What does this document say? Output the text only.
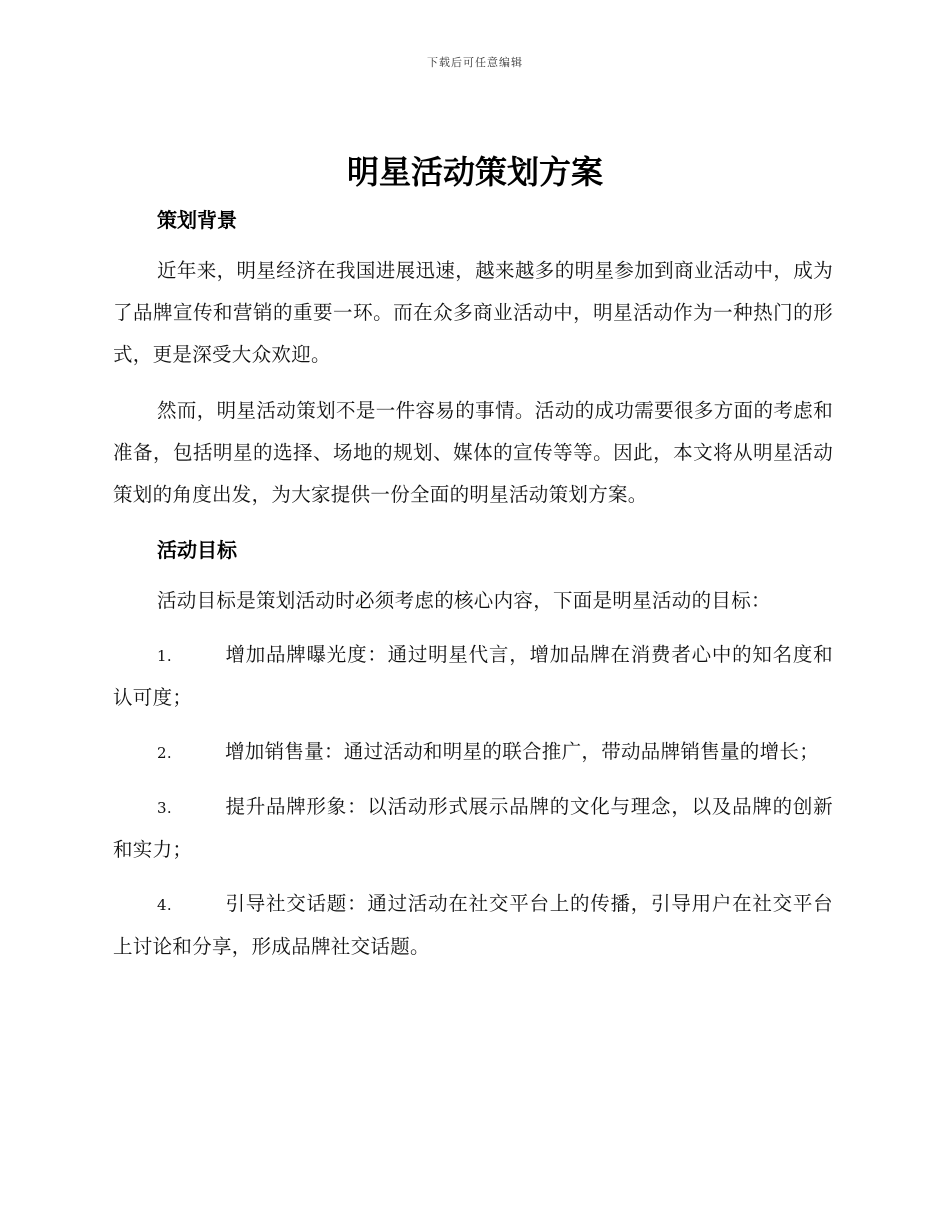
下载后可任意编辑
明星活动策划方案
策划背景

近年来，明星经济在我国进展迅速，越来越多的明星参加到商业活动中，成为了品牌宣传和营销的重要一环。而在众多商业活动中，明星活动作为一种热门的形式，更是深受大众欢迎。

然而，明星活动策划不是一件容易的事情。活动的成功需要很多方面的考虑和准备，包括明星的选择、场地的规划、媒体的宣传等等。因此，本文将从明星活动策划的角度出发，为大家提供一份全面的明星活动策划方案。

活动目标

活动目标是策划活动时必须考虑的核心内容，下面是明星活动的目标：

1.	增加品牌曝光度：通过明星代言，增加品牌在消费者心中的知名度和认可度；

2.	增加销售量：通过活动和明星的联合推广，带动品牌销售量的增长；

3.	提升品牌形象：以活动形式展示品牌的文化与理念，以及品牌的创新和实力；

4.	引导社交话题：通过活动在社交平台上的传播，引导用户在社交平台上讨论和分享，形成品牌社交话题。
